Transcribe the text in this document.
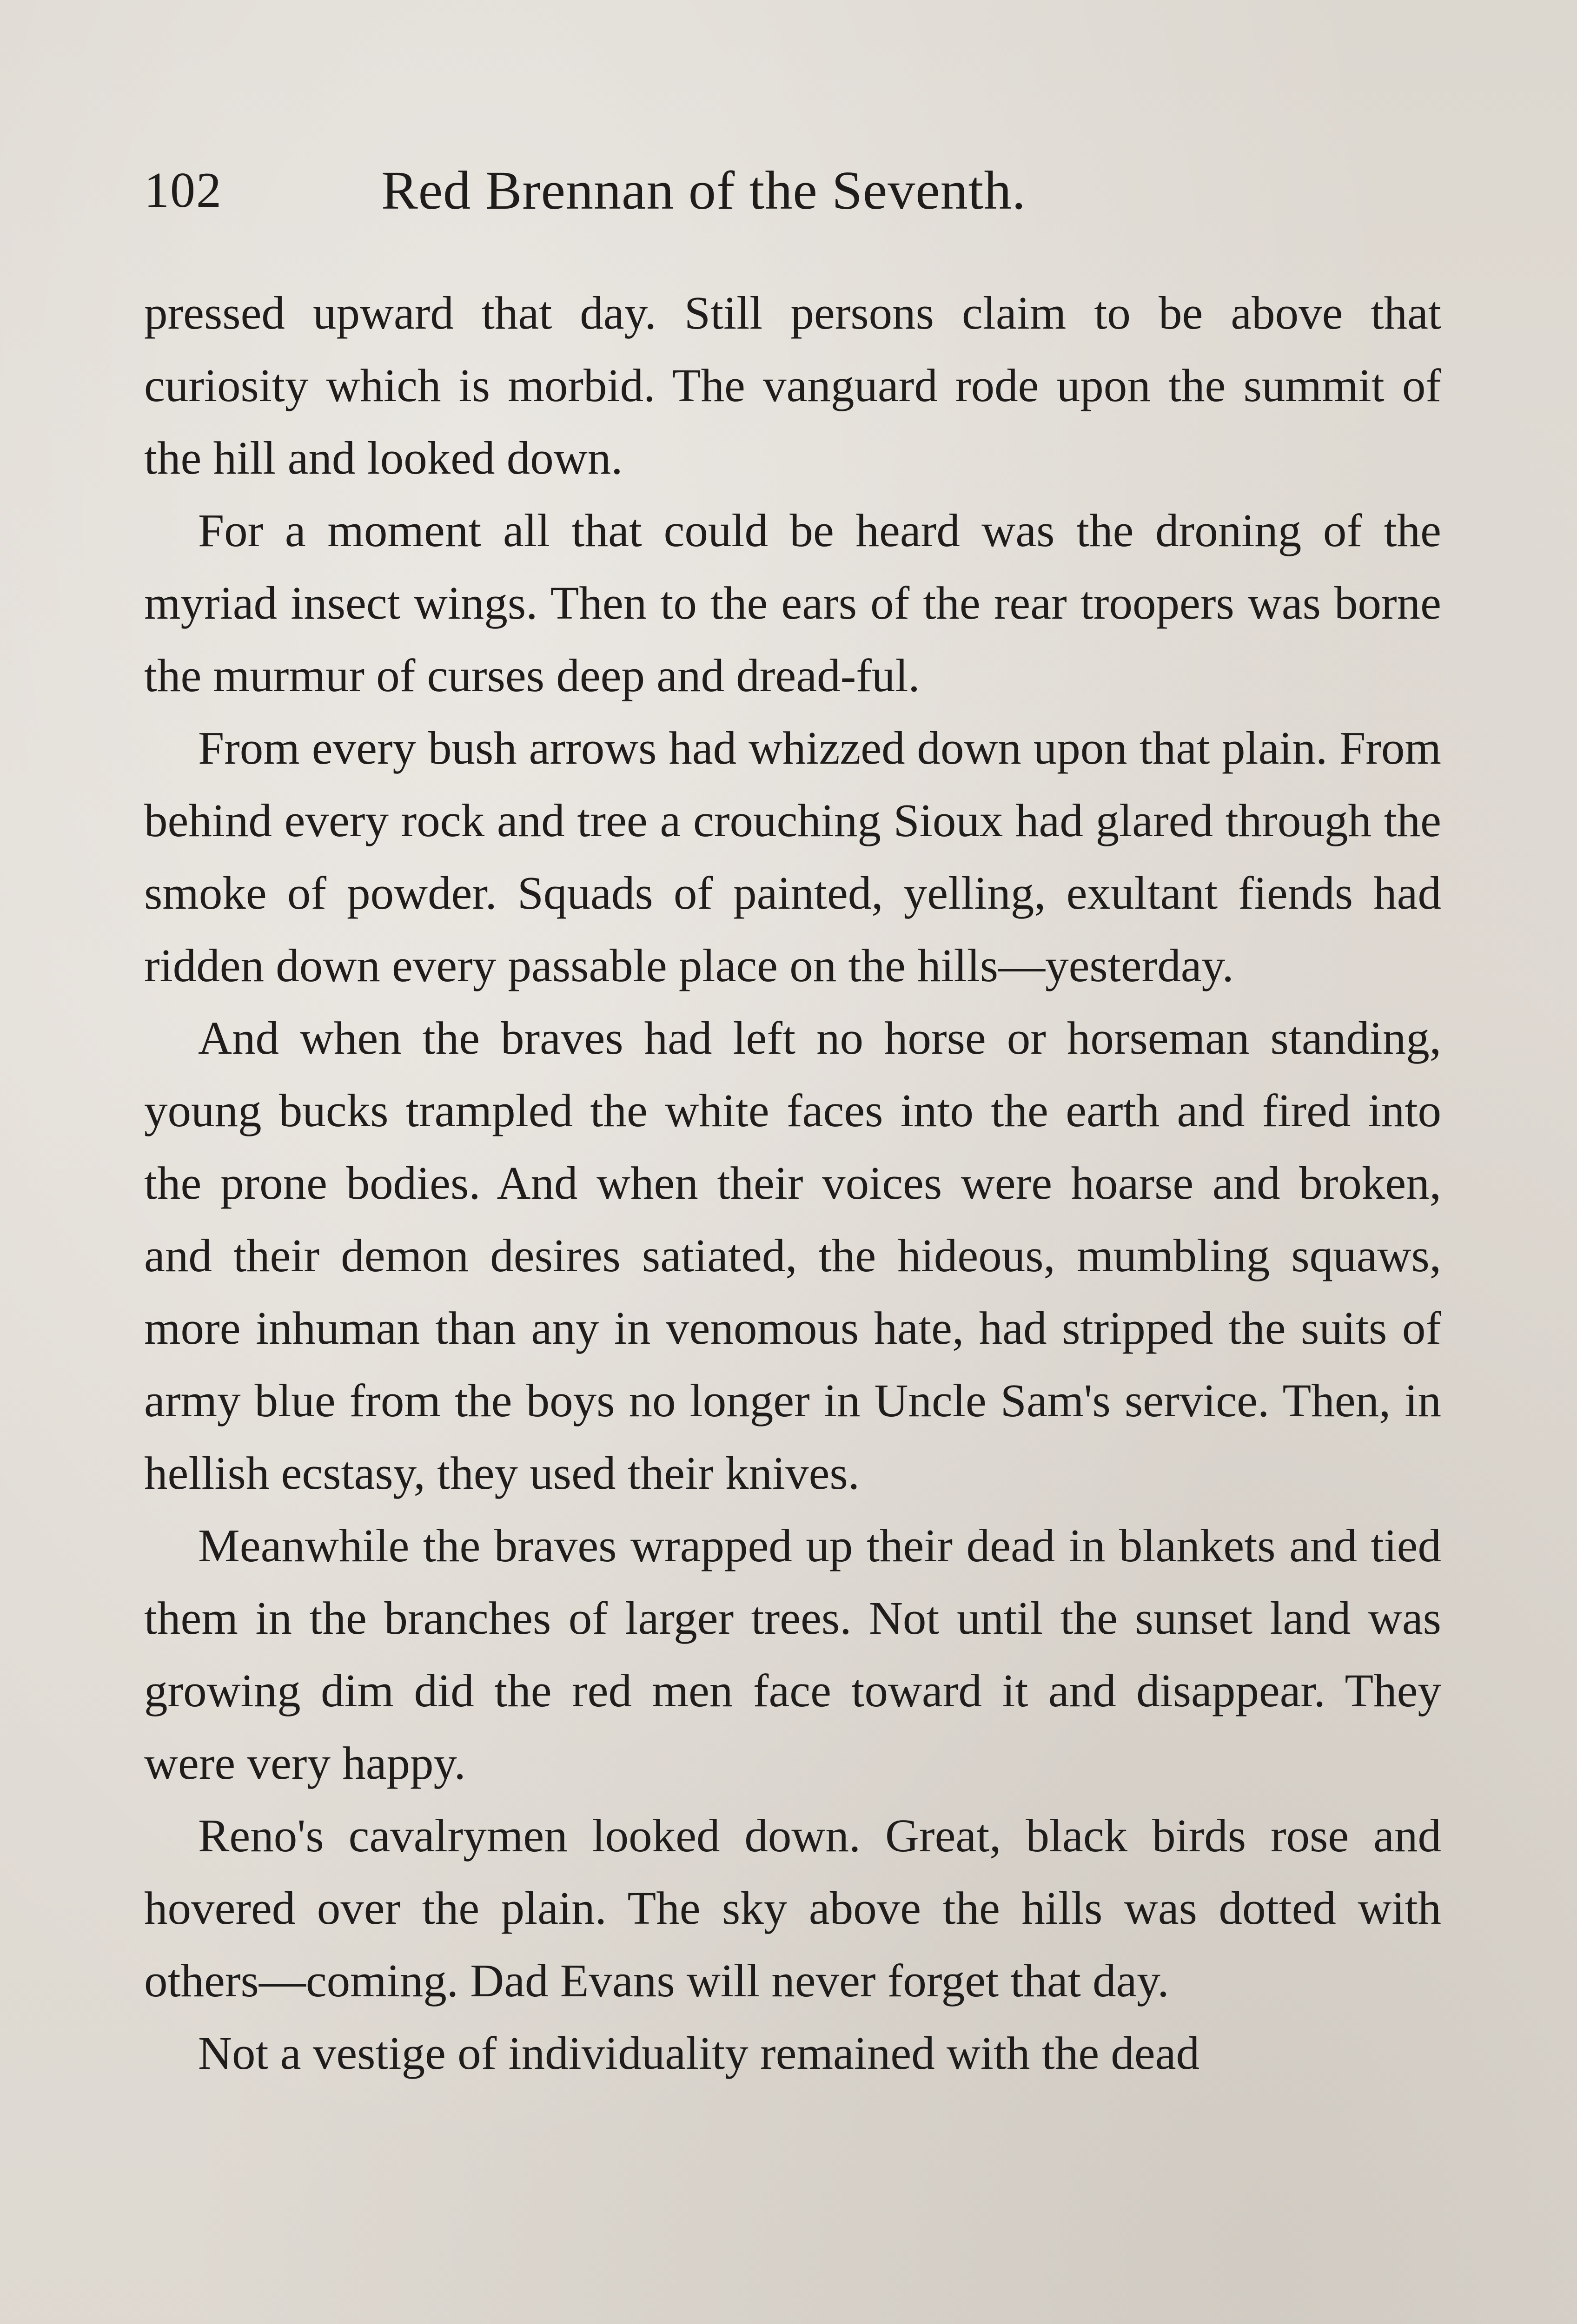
102	Red Brennan of the Seventh.

pressed upward that day. Still persons claim to be above that curiosity which is morbid. The vanguard rode upon the summit of the hill and looked down.

For a moment all that could be heard was the droning of the myriad insect wings. Then to the ears of the rear troopers was borne the murmur of curses deep and dread-ful.

From every bush arrows had whizzed down upon that plain. From behind every rock and tree a crouching Sioux had glared through the smoke of powder. Squads of painted, yelling, exultant fiends had ridden down every passable place on the hills—yesterday.

And when the braves had left no horse or horseman standing, young bucks trampled the white faces into the earth and fired into the prone bodies. And when their voices were hoarse and broken, and their demon desires satiated, the hideous, mumbling squaws, more inhuman than any in venomous hate, had stripped the suits of army blue from the boys no longer in Uncle Sam's service. Then, in hellish ecstasy, they used their knives.

Meanwhile the braves wrapped up their dead in blankets and tied them in the branches of larger trees. Not until the sunset land was growing dim did the red men face toward it and disappear. They were very happy.

Reno's cavalrymen looked down. Great, black birds rose and hovered over the plain. The sky above the hills was dotted with others—coming. Dad Evans will never forget that day.

Not a vestige of individuality remained with the dead
